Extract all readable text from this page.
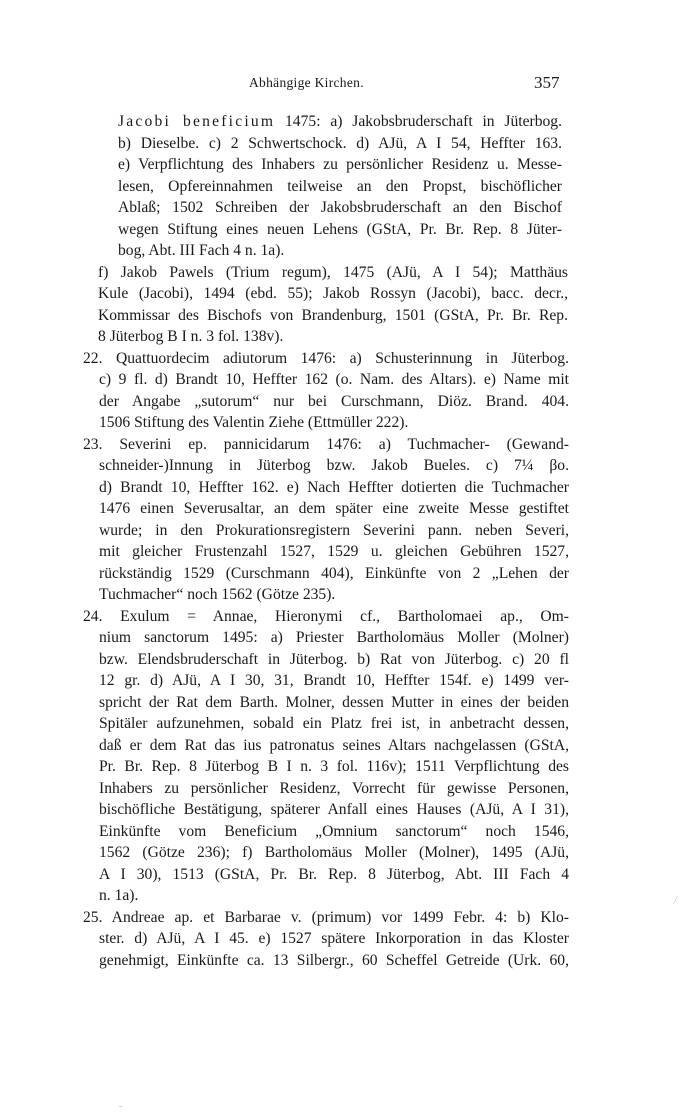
Abhängige Kirchen.	357
Jacobi beneficium 1475: a) Jakobsbruderschaft in Jüterbog.
b) Dieselbe. c) 2 Schwertschock. d) AJü, A I 54, Heffter 163.
e) Verpflichtung des Inhabers zu persönlicher Residenz u. Messe-
lesen, Opfereinnahmen teilweise an den Propst, bischöflicher
Ablaß; 1502 Schreiben der Jakobsbruderschaft an den Bischof
wegen Stiftung eines neuen Lehens (GStA, Pr. Br. Rep. 8 Jüter-
bog, Abt. III Fach 4 n. 1a).
f) Jakob Pawels (Trium regum), 1475 (AJü, A I 54); Matthäus
Kule (Jacobi), 1494 (ebd. 55); Jakob Rossyn (Jacobi), bacc. decr.,
Kommissar des Bischofs von Brandenburg, 1501 (GStA, Pr. Br. Rep.
8 Jüterbog B I n. 3 fol. 138v).
22. Quattuordecim adiutorum 1476: a) Schusterinnung in Jüterbog.
c) 9 fl. d) Brandt 10, Heffter 162 (o. Nam. des Altars). e) Name mit
der Angabe „sutorum“ nur bei Curschmann, Diöz. Brand. 404.
1506 Stiftung des Valentin Ziehe (Ettmüller 222).
23. Severini ep. pannicidarum 1476: a) Tuchmacher- (Gewand-
schneider-)Innung in Jüterbog bzw. Jakob Bueles. c) 7¼ βo.
d) Brandt 10, Heffter 162. e) Nach Heffter dotierten die Tuchmacher
1476 einen Severusaltar, an dem später eine zweite Messe gestiftet
wurde; in den Prokurationsregistern Severini pann. neben Severi,
mit gleicher Frustenzahl 1527, 1529 u. gleichen Gebühren 1527,
rückständig 1529 (Curschmann 404), Einkünfte von 2 „Lehen der
Tuchmacher“ noch 1562 (Götze 235).
24. Exulum = Annae, Hieronymi cf., Bartholomaei ap., Om-
nium sanctorum 1495: a) Priester Bartholomäus Moller (Molner)
bzw. Elendsbruderschaft in Jüterbog. b) Rat von Jüterbog. c) 20 fl
12 gr. d) AJü, A I 30, 31, Brandt 10, Heffter 154f. e) 1499 ver-
spricht der Rat dem Barth. Molner, dessen Mutter in eines der beiden
Spitäler aufzunehmen, sobald ein Platz frei ist, in anbetracht dessen,
daß er dem Rat das ius patronatus seines Altars nachgelassen (GStA,
Pr. Br. Rep. 8 Jüterbog B I n. 3 fol. 116v); 1511 Verpflichtung des
Inhabers zu persönlicher Residenz, Vorrecht für gewisse Personen,
bischöfliche Bestätigung, späterer Anfall eines Hauses (AJü, A I 31),
Einkünfte vom Beneficium „Omnium sanctorum“ noch 1546,
1562 (Götze 236); f) Bartholomäus Moller (Molner), 1495 (AJü,
A I 30), 1513 (GStA, Pr. Br. Rep. 8 Jüterbog, Abt. III Fach 4
n. 1a).
25. Andreae ap. et Barbarae v. (primum) vor 1499 Febr. 4: b) Klo-
ster. d) AJü, A I 45. e) 1527 spätere Inkorporation in das Kloster
genehmigt, Einkünfte ca. 13 Silbergr., 60 Scheffel Getreide (Urk. 60,
